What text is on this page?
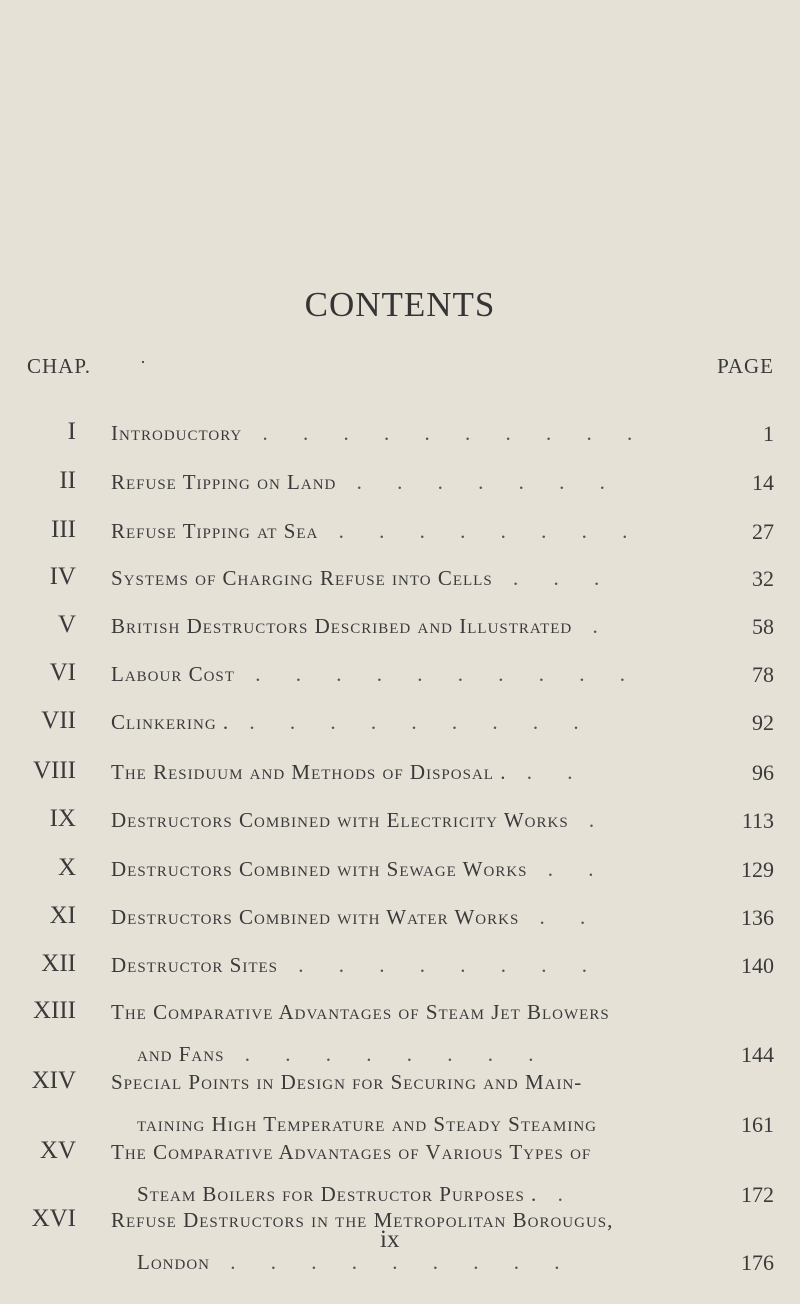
CONTENTS
CHAP.	·	PAGE
I Introductory . . . . . . . . . .	1
II Refuse Tipping on Land . . . . . . .	14
III Refuse Tipping at Sea . . . . . . . .	27
IV Systems of Charging Refuse into Cells . . .	32
V British Destructors Described and Illustrated .	58
VI Labour Cost . . . . . . . . . .	78
VII Clinkering . . . . . . . . . .	92
VIII The Residuum and Methods of Disposal . . .	96
IX Destructors Combined with Electricity Works .	113
X Destructors Combined with Sewage Works . .	129
XI Destructors Combined with Water Works . .	136
XII Destructor Sites . . . . . . . .	140
XIII The Comparative Advantages of Steam Jet Blowers
and Fans . . . . . . . .	144
XIV Special Points in Design for Securing and Main-
taining High Temperature and Steady Steaming	161
XV The Comparative Advantages of Various Types of
Steam Boilers for Destructor Purposes . .	172
XVI Refuse Destructors in the Metropolitan Borougus,
London . . . . . . . . .	176
ix
